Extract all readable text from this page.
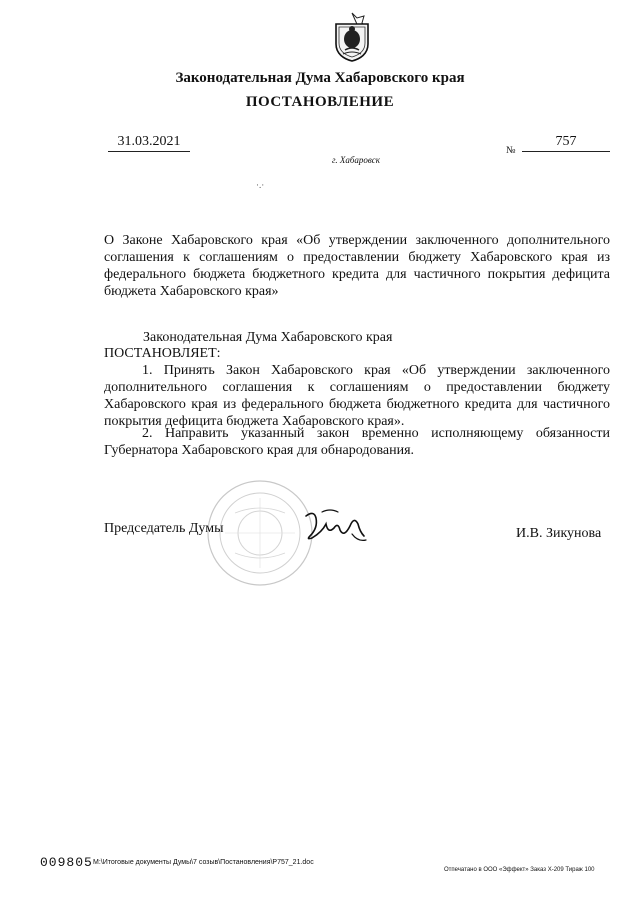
Законодательная Дума Хабаровского края
ПОСТАНОВЛЕНИЕ
31.03.2021
г. Хабаровск
№
757
·.·
О Законе Хабаровского края «Об утверждении заключенного дополнительного соглашения к соглашениям о предоставлении бюджету Хабаровского края из федерального бюджета бюджетного кредита для частичного покрытия дефицита бюджета Хабаровского края»
Законодательная Дума Хабаровского края
ПОСТАНОВЛЯЕТ:
1. Принять Закон Хабаровского края «Об утверждении заключенного дополнительного соглашения к соглашениям о предоставлении бюджету Хабаровского края из федерального бюджета бюджетного кредита для частичного покрытия дефицита бюджета Хабаровского края».
2. Направить указанный закон временно исполняющему обязанности Губернатора Хабаровского края для обнародования.
Председатель Думы	И.В. Зикунова
009805 M:\Итоговые документы Думы\7 созыв\Постановления\P757_21.doc
Отпечатано в ООО «Эффект» Заказ Х-209 Тираж 100
